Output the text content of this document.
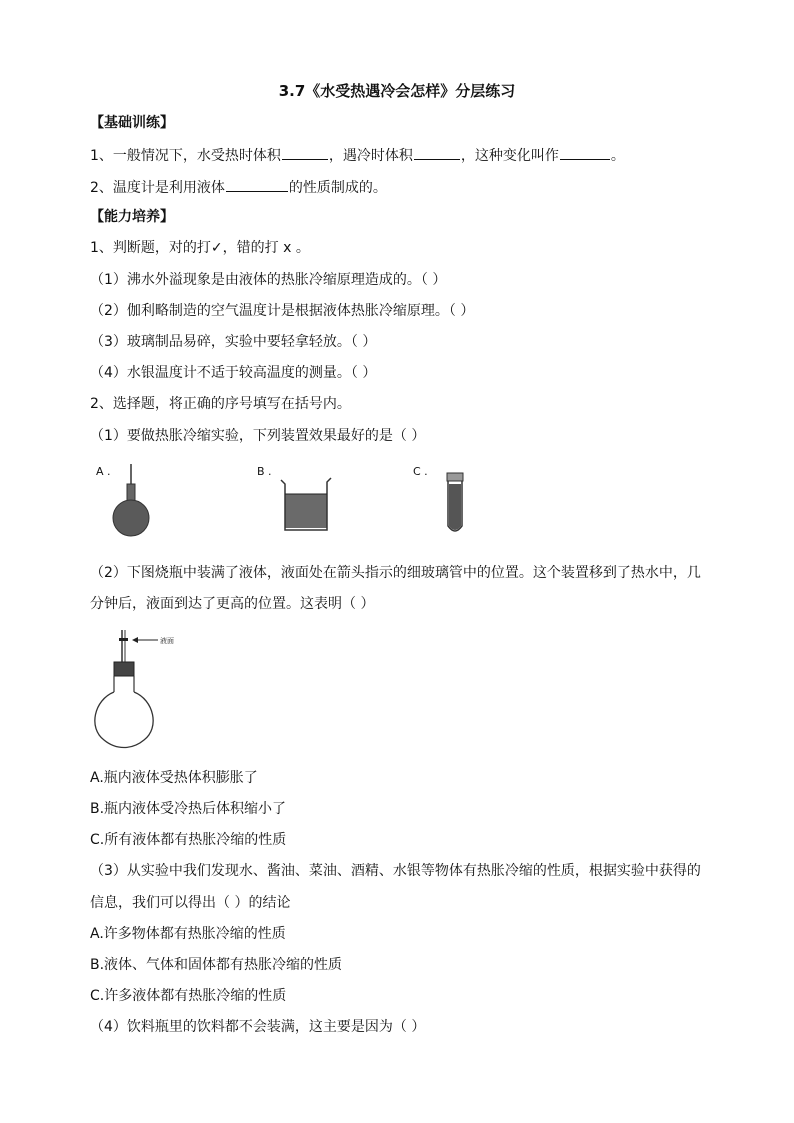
3.7《水受热遇冷会怎样》分层练习
【基础训练】
1、一般情况下，水受热时体积	，遇冷时体积	，这种变化叫作	。
2、温度计是利用液体	的性质制成的。
【能力培养】
1、判断题，对的打✓，错的打 x 。
（1）沸水外溢现象是由液体的热胀冷缩原理造成的。（ ）
（2）伽利略制造的空气温度计是根据液体热胀冷缩原理。（ ）
（3）玻璃制品易碎，实验中要轻拿轻放。（ ）
（4）水银温度计不适于较高温度的测量。（ ）
2、选择题，将正确的序号填写在括号内。
（1）要做热胀冷缩实验，下列装置效果最好的是（ ）
A .	B .	C .
（2）下图烧瓶中装满了液体，液面处在箭头指示的细玻璃管中的位置。这个装置移到了热水中，几
分钟后，液面到达了更高的位置。这表明（ ）
液面
A.瓶内液体受热体积膨胀了
B.瓶内液体受冷热后体积缩小了
C.所有液体都有热胀冷缩的性质
（3）从实验中我们发现水、酱油、菜油、酒精、水银等物体有热胀冷缩的性质，根据实验中获得的
信息，我们可以得出（ ）的结论
A.许多物体都有热胀冷缩的性质
B.液体、气体和固体都有热胀冷缩的性质
C.许多液体都有热胀冷缩的性质
（4）饮料瓶里的饮料都不会装满，这主要是因为（ ）
